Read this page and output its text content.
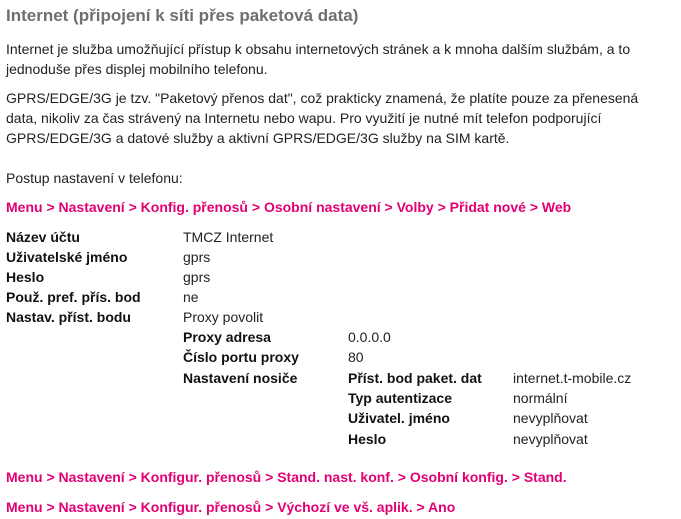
Internet (připojení k síti přes paketová data)

Internet je služba umožňující přístup k obsahu internetových stránek a k mnoha dalším službám, a to jednoduše přes displej mobilního telefonu.

GPRS/EDGE/3G je tzv. "Paketový přenos dat", což prakticky znamená, že platíte pouze za přenesená data, nikoliv za čas strávený na Internetu nebo wapu. Pro využití je nutné mít telefon podporující GPRS/EDGE/3G a datové služby a aktivní GPRS/EDGE/3G služby na SIM kartě.

Postup nastavení v telefonu:

Menu > Nastavení > Konfig. přenosů > Osobní nastavení > Volby > Přidat nové > Web

Název účtu	TMCZ Internet
Uživatelské jméno	gprs
Heslo	gprs
Použ. pref. přís. bod	ne
Nastav. příst. bodu	Proxy povolit
Proxy adresa	0.0.0.0
Číslo portu proxy	80
Nastavení nosiče	Příst. bod paket. dat internet.t-mobile.cz
Typ autentizace	normální
Uživatel. jméno	nevyplňovat
Heslo	nevyplňovat

Menu > Nastavení > Konfigur. přenosů > Stand. nast. konf. > Osobní konfig. > Stand.

Menu > Nastavení > Konfigur. přenosů > Výchozí ve vš. aplik. > Ano
